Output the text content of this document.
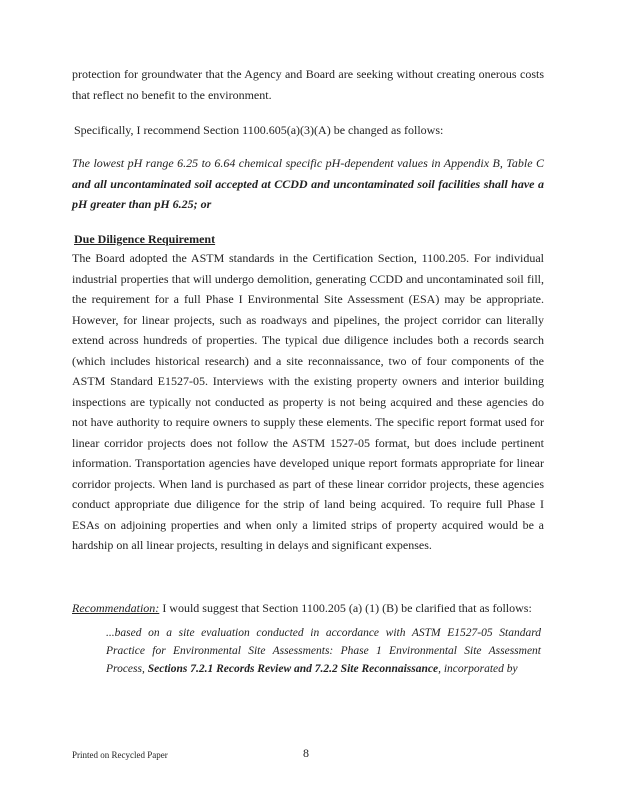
protection for groundwater that the Agency and Board are seeking without creating onerous costs that reflect no benefit to the environment.
Specifically, I recommend Section 1100.605(a)(3)(A) be changed as follows:
The lowest pH range 6.25 to 6.64 chemical specific pH-dependent values in Appendix B, Table C and all uncontaminated soil accepted at CCDD and uncontaminated soil facilities shall have a pH greater than pH 6.25; or
Due Diligence Requirement
The Board adopted the ASTM standards in the Certification Section, 1100.205. For individual industrial properties that will undergo demolition, generating CCDD and uncontaminated soil fill, the requirement for a full Phase I Environmental Site Assessment (ESA) may be appropriate. However, for linear projects, such as roadways and pipelines, the project corridor can literally extend across hundreds of properties. The typical due diligence includes both a records search (which includes historical research) and a site reconnaissance, two of four components of the ASTM Standard E1527-05. Interviews with the existing property owners and interior building inspections are typically not conducted as property is not being acquired and these agencies do not have authority to require owners to supply these elements. The specific report format used for linear corridor projects does not follow the ASTM 1527-05 format, but does include pertinent information. Transportation agencies have developed unique report formats appropriate for linear corridor projects. When land is purchased as part of these linear corridor projects, these agencies conduct appropriate due diligence for the strip of land being acquired. To require full Phase I ESAs on adjoining properties and when only a limited strips of property acquired would be a hardship on all linear projects, resulting in delays and significant expenses.
Recommendation: I would suggest that Section 1100.205 (a) (1) (B) be clarified that as follows:
...based on a site evaluation conducted in accordance with ASTM E1527-05 Standard Practice for Environmental Site Assessments: Phase 1 Environmental Site Assessment Process, Sections 7.2.1 Records Review and 7.2.2 Site Reconnaissance, incorporated by
Printed on Recycled Paper	8
